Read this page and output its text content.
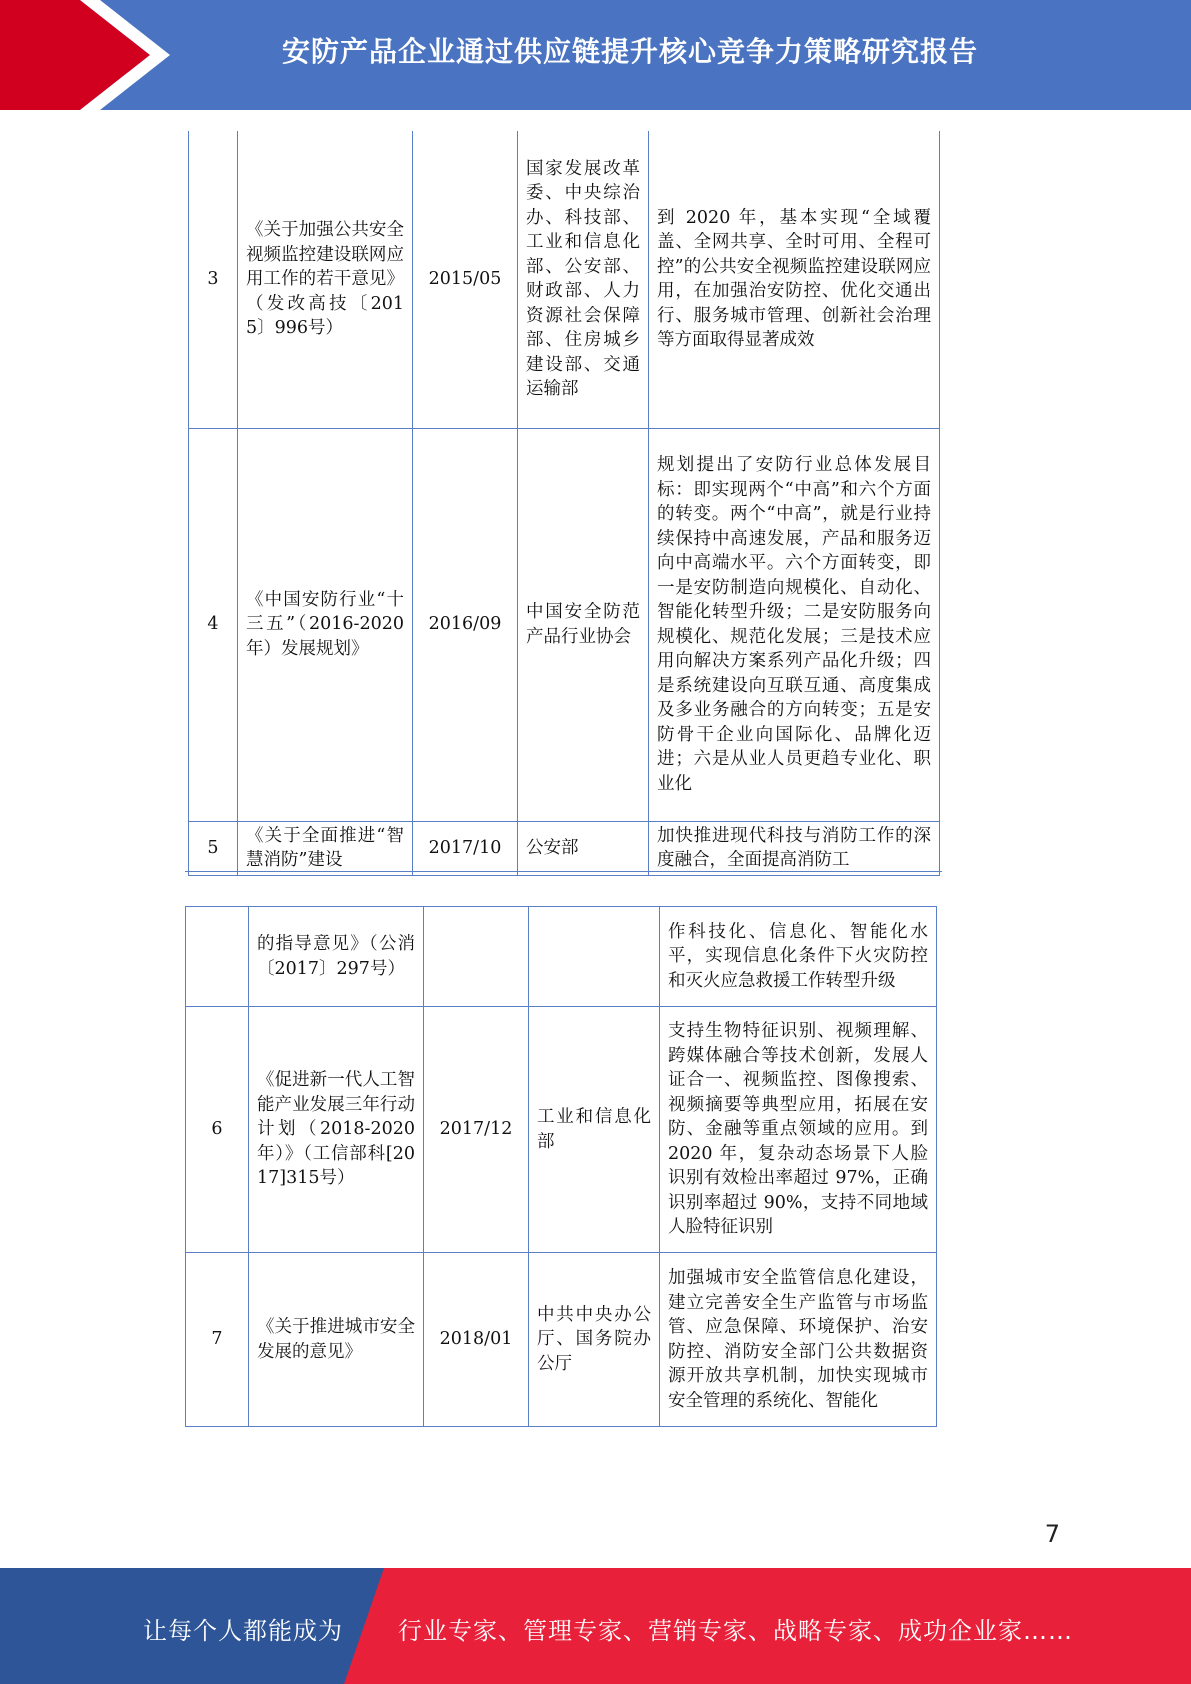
安防产品企业通过供应链提升核心竞争力策略研究报告
3	《关于加强公共安全视频监控建设联网应用工作的若干意见》（发改高技〔2015〕996号）	2015/05	国家发展改革委、中央综治办、科技部、工业和信息化部、公安部、财政部、人力资源社会保障部、住房城乡建设部、交通运输部	到 2020 年，基本实现“全域覆盖、全网共享、全时可用、全程可控”的公共安全视频监控建设联网应用，在加强治安防控、优化交通出行、服务城市管理、创新社会治理等方面取得显著成效
4	《中国安防行业“十三五”（2016-2020 年）发展规划》	2016/09	中国安全防范产品行业协会	规划提出了安防行业总体发展目标：即实现两个“中高”和六个方面的转变。两个“中高”，就是行业持续保持中高速发展，产品和服务迈向中高端水平。六个方面转变，即一是安防制造向规模化、自动化、智能化转型升级；二是安防服务向规模化、规范化发展；三是技术应用向解决方案系列产品化升级；四是系统建设向互联互通、高度集成及多业务融合的方向转变；五是安防骨干企业向国际化、品牌化迈进；六是从业人员更趋专业化、职业化
5	《关于全面推进“智慧消防”建设	2017/10	公安部	加快推进现代科技与消防工作的深度融合，全面提高消防工
	的指导意见》（公消〔2017〕297号）			作科技化、信息化、智能化水平，实现信息化条件下火灾防控和灭火应急救援工作转型升级
6	《促进新一代人工智能产业发展三年行动计划（2018-2020年）》（工信部科[2017]315号）	2017/12	工业和信息化部	支持生物特征识别、视频理解、跨媒体融合等技术创新，发展人证合一、视频监控、图像搜索、视频摘要等典型应用，拓展在安防、金融等重点领域的应用。到 2020 年，复杂动态场景下人脸识别有效检出率超过 97%，正确识别率超过 90%，支持不同地域人脸特征识别
7	《关于推进城市安全发展的意见》	2018/01	中共中央办公厅、国务院办公厅	加强城市安全监管信息化建设，建立完善安全生产监管与市场监管、应急保障、环境保护、治安防控、消防安全部门公共数据资源开放共享机制，加快实现城市安全管理的系统化、智能化
7
让每个人都能成为 行业专家、管理专家、营销专家、战略专家、成功企业家……
